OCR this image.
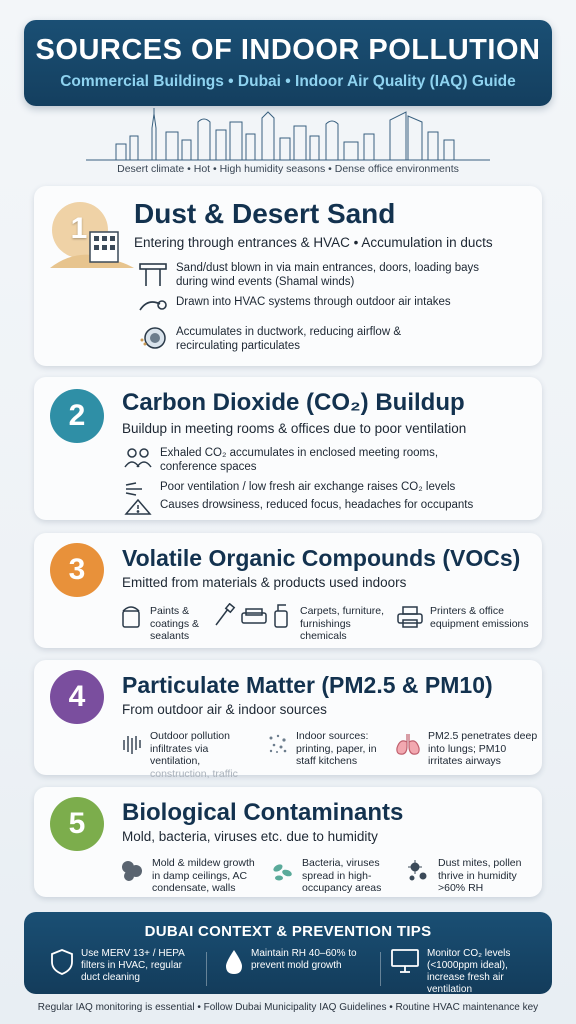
SOURCES OF INDOOR POLLUTION
Commercial Buildings • Dubai • Indoor Air Quality (IAQ) Guide
Desert climate • Hot • High humidity seasons • Dense office environments
1	Dust & Desert Sand
Entering through entrances & HVAC • Accumulation in ducts
Sand/dust blown in via main entrances, doors, loading bays during wind events (Shamal winds)
Drawn into HVAC systems through outdoor air intakes
Accumulates in ductwork, reducing airflow & recirculating particulates
2	Carbon Dioxide (CO₂) Buildup
Buildup in meeting rooms & offices due to poor ventilation
Exhaled CO₂ accumulates in enclosed meeting rooms, conference spaces
Poor ventilation / low fresh air exchange raises CO₂ levels
Causes drowsiness, reduced focus, headaches for occupants
3	Volatile Organic Compounds (VOCs)
Emitted from materials & products used indoors
Paints & coatings & sealants
Carpets, furniture, furnishings chemicals
Printers & office equipment emissions
4	Particulate Matter (PM2.5 & PM10)
From outdoor air & indoor sources
Outdoor pollution infiltrates via ventilation,
construction, traffic
Indoor sources: printing, paper, in staff kitchens
PM2.5 penetrates deep into lungs; PM10 irritates airways
5	Biological Contaminants
Mold, bacteria, viruses etc. due to humidity
Mold & mildew growth in damp ceilings, AC condensate, walls
Bacteria, viruses spread in high-occupancy areas
Dust mites, pollen thrive in humidity >60% RH
DUBAI CONTEXT & PREVENTION TIPS
Use MERV 13+ / HEPA filters in HVAC, regular duct cleaning
Maintain RH 40–60% to prevent mold growth
Monitor CO₂ levels (<1000ppm ideal), increase fresh air ventilation
Regular IAQ monitoring is essential • Follow Dubai Municipality IAQ Guidelines • Routine HVAC maintenance key
